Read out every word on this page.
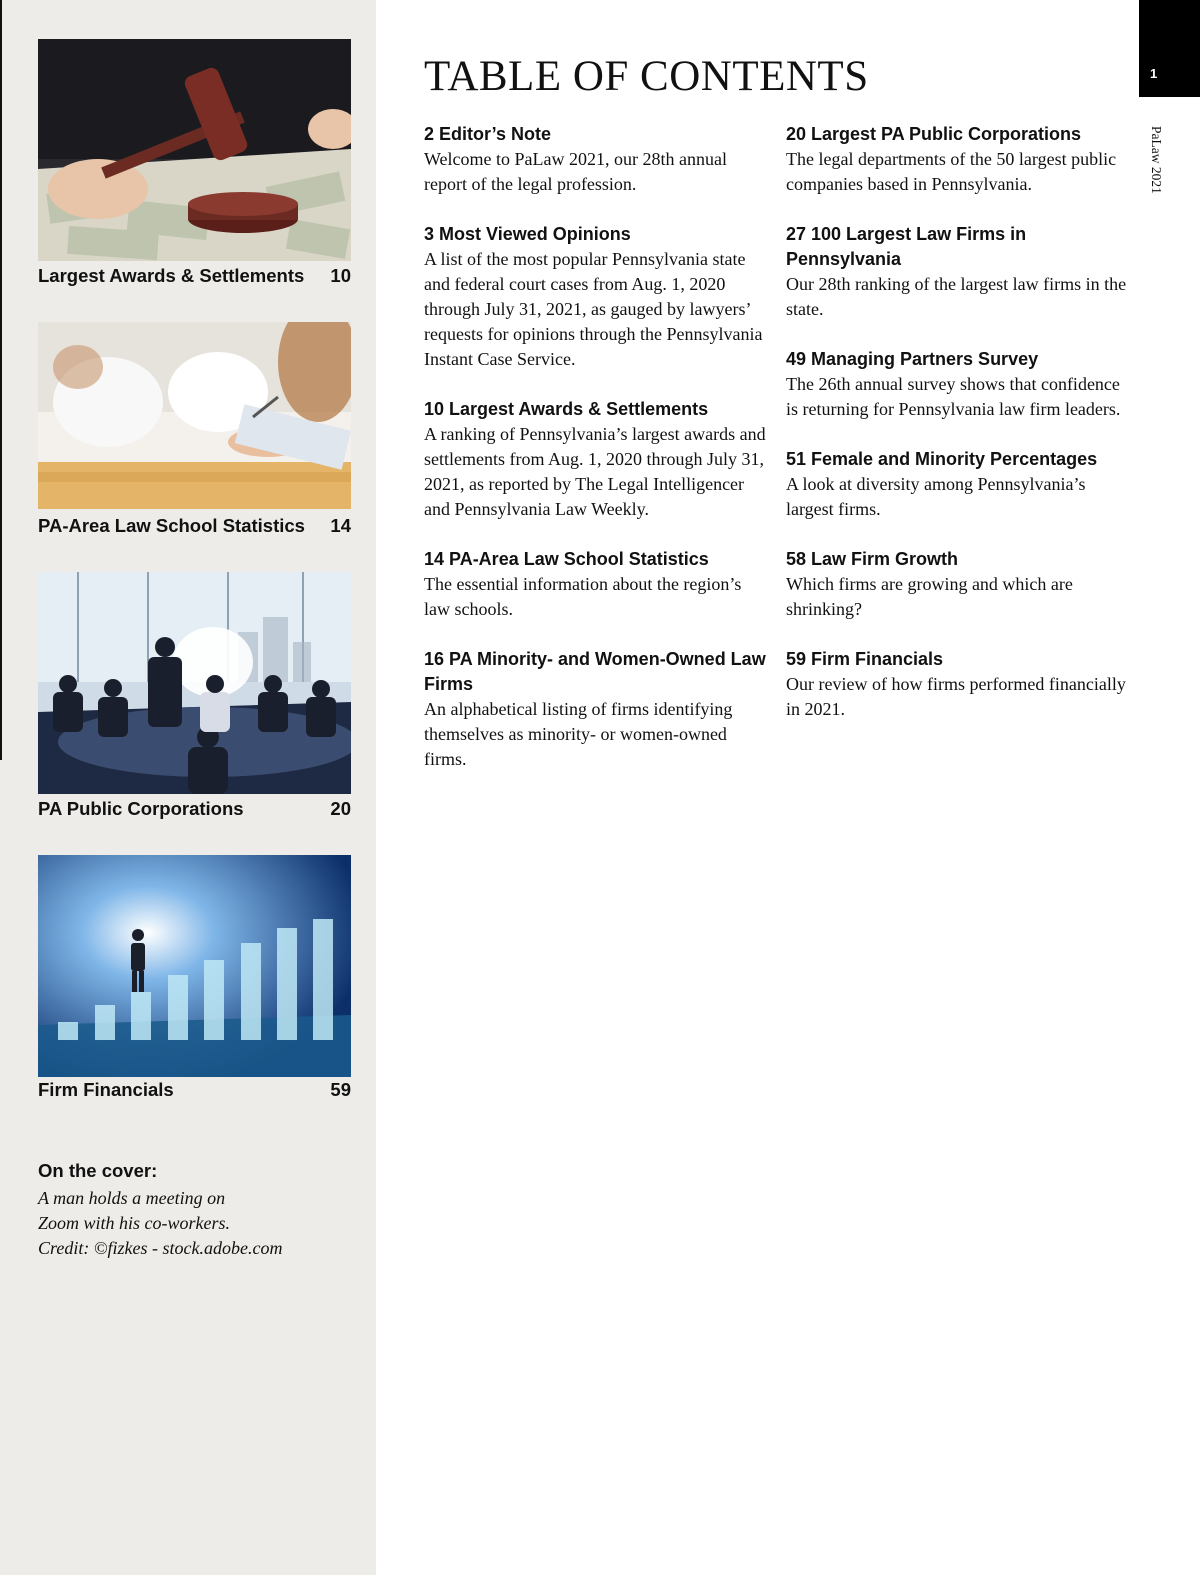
Largest Awards & Settlements 10
PA-Area Law School Statistics 14
PA Public Corporations	20
Firm Financials	59
On the cover:
A man holds a meeting on
Zoom with his co-workers.
Credit: ©fizkes - stock.adobe.com
TABLE OF CONTENTS	1
PaLaw 2021
2 Editor’s Note
Welcome to PaLaw 2021, our 28th annual report of the legal profession.
3 Most Viewed Opinions
A list of the most popular Pennsylvania state and federal court cases from Aug. 1, 2020 through July 31, 2021, as gauged by lawyers’ requests for opinions through the Pennsylvania Instant Case Service.
10 Largest Awards & Settlements
A ranking of Pennsylvania’s largest awards and settlements from Aug. 1, 2020 through July 31, 2021, as reported by The Legal Intelligencer and Pennsylvania Law Weekly.
14 PA-Area Law School Statistics
The essential information about the region’s law schools.
16 PA Minority- and Women-Owned Law Firms
An alphabetical listing of firms identifying themselves as minority- or women-owned firms.
20 Largest PA Public Corporations
The legal departments of the 50 largest public companies based in Pennsylvania.
27 100 Largest Law Firms in Pennsylvania
Our 28th ranking of the largest law firms in the state.
49 Managing Partners Survey
The 26th annual survey shows that confidence is returning for Pennsylvania law firm leaders.
51 Female and Minority Percentages
A look at diversity among Pennsylvania’s largest firms.
58 Law Firm Growth
Which firms are growing and which are shrinking?
59 Firm Financials
Our review of how firms performed financially in 2021.
